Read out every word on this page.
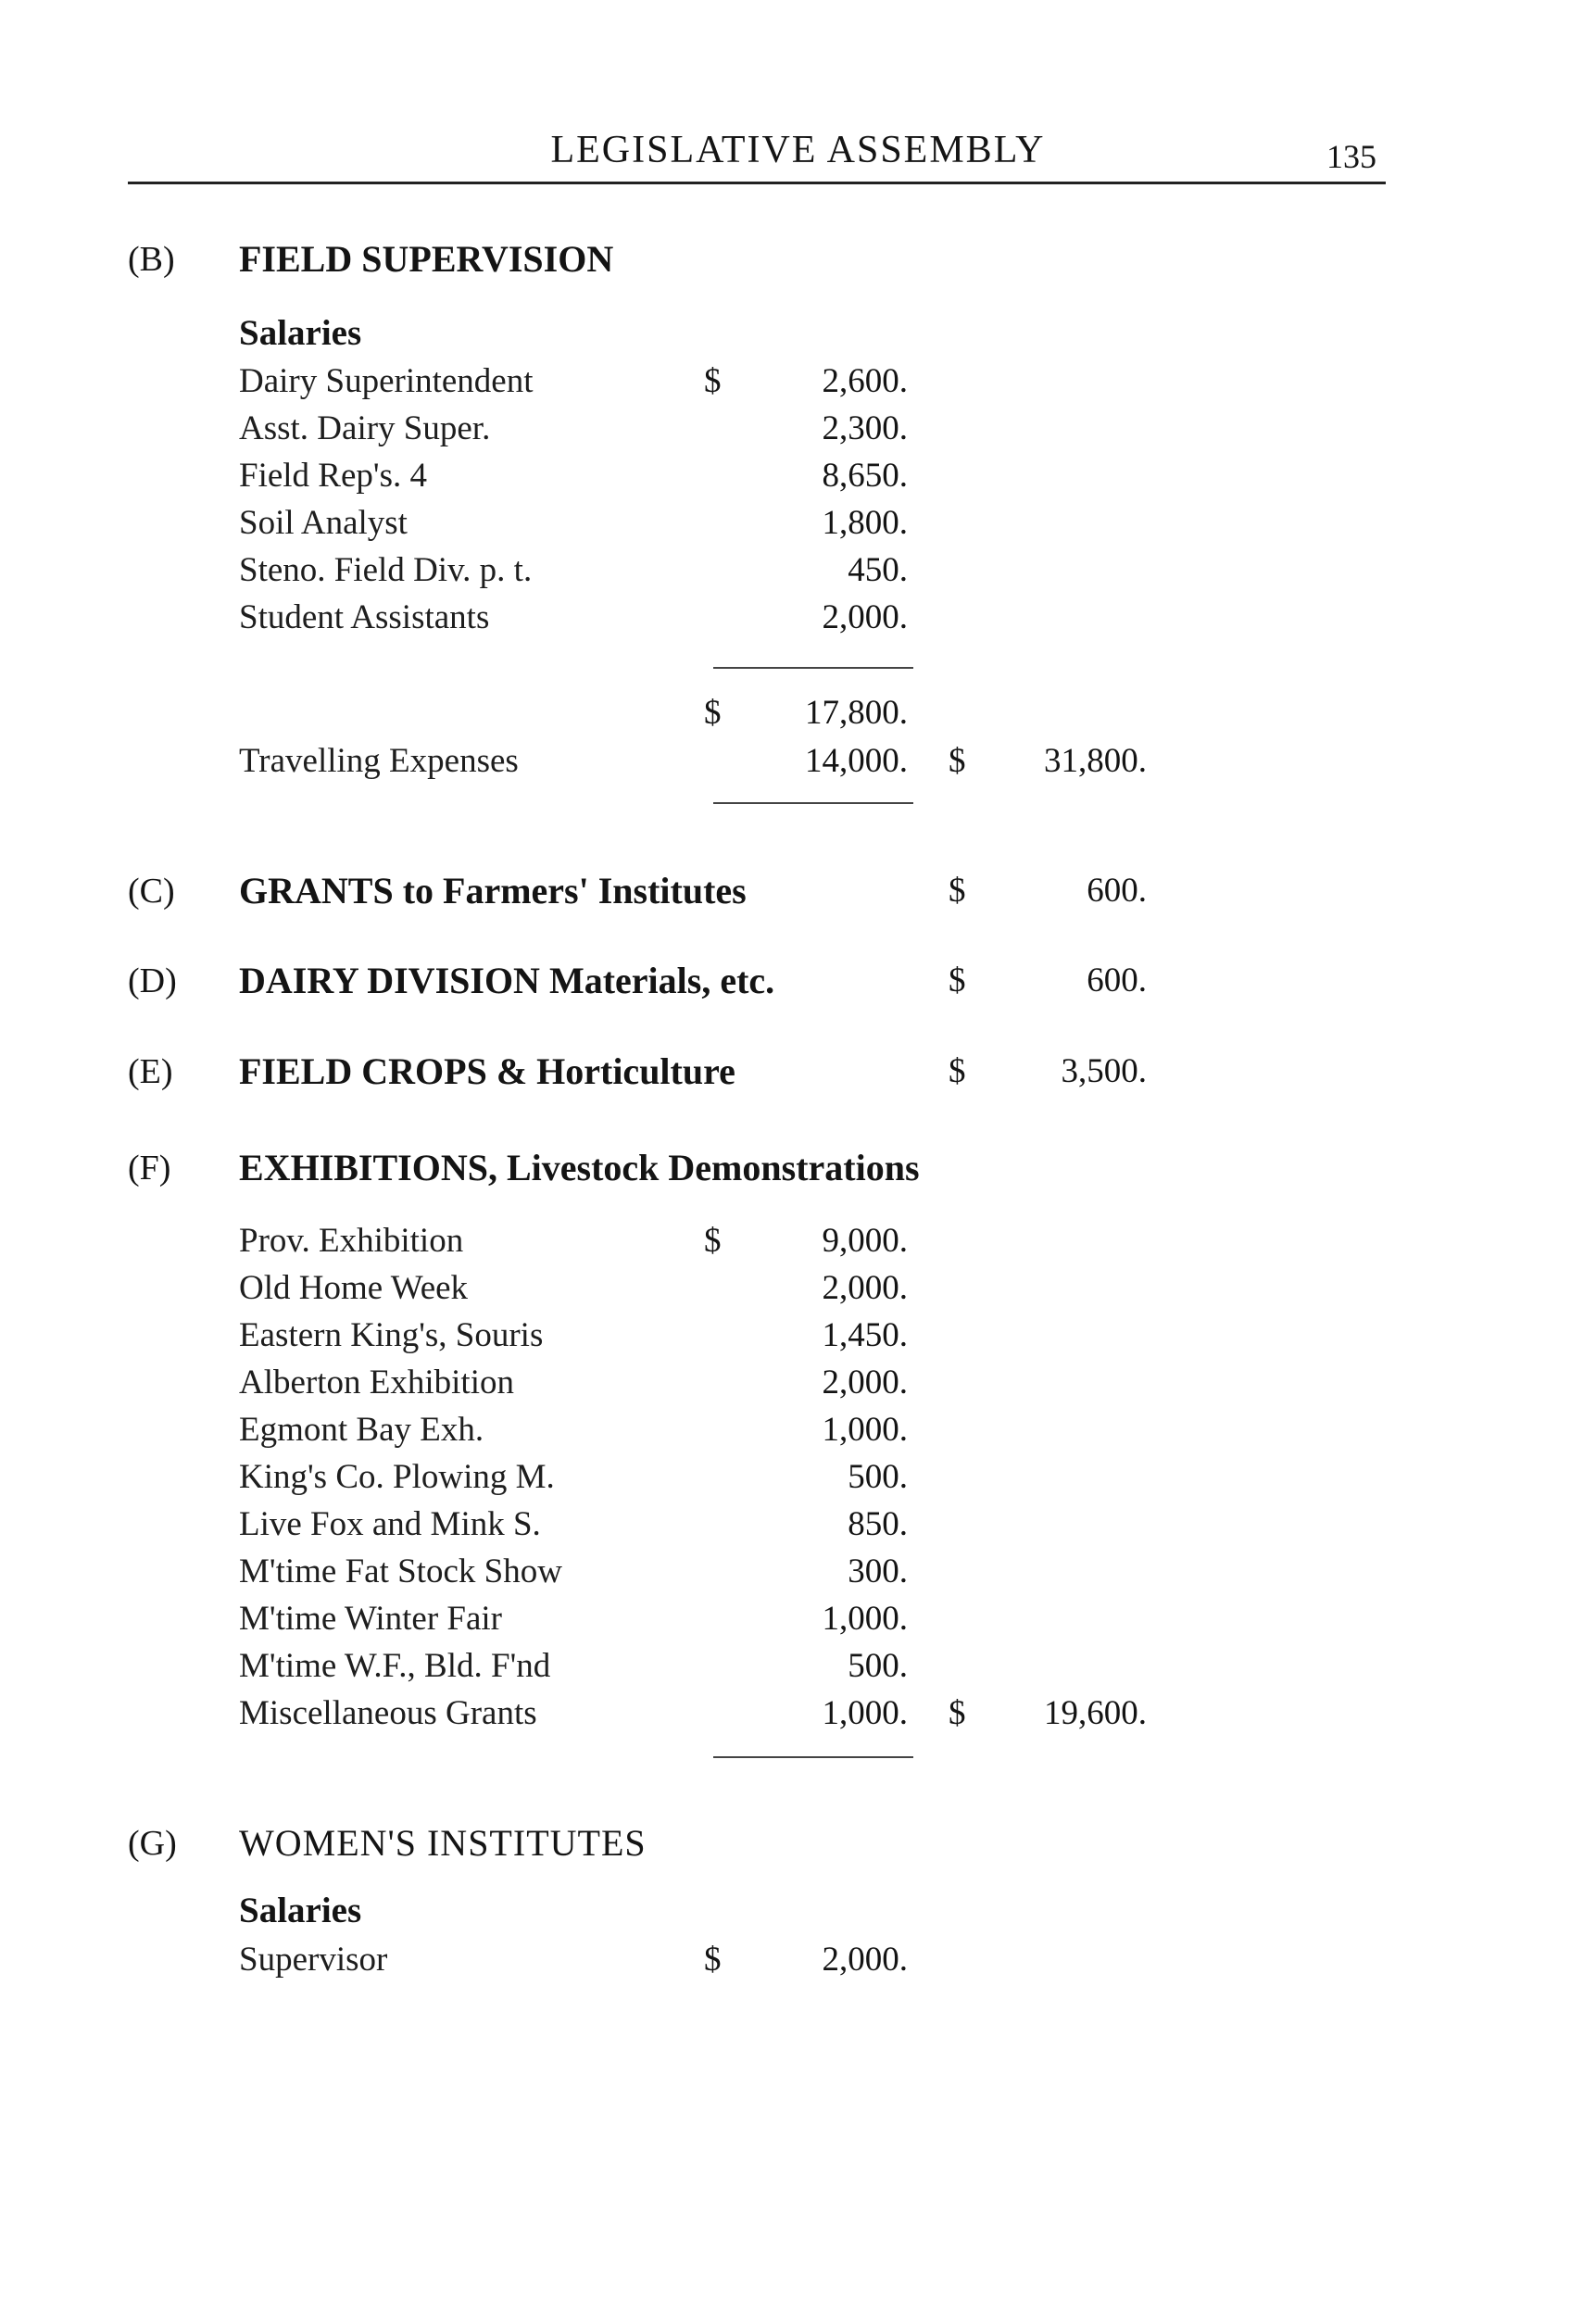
LEGISLATIVE ASSEMBLY	135
(B) FIELD SUPERVISION
Salaries
Dairy Superintendent	$	2,600.
Asst. Dairy Super.	2,300.
Field Rep's. 4	8,650.
Soil Analyst	1,800.
Steno. Field Div. p. t.	450.
Student Assistants	2,000.
$	17,800.
Travelling Expenses	14,000. $	31,800.
(C) GRANTS to Farmers' Institutes	$	600.
(D) DAIRY DIVISION Materials, etc.	$	600.
(E) FIELD CROPS & Horticulture	$	3,500.
(F) EXHIBITIONS, Livestock Demonstrations
Prov. Exhibition	$	9,000.
Old Home Week	2,000.
Eastern King's, Souris	1,450.
Alberton Exhibition	2,000.
Egmont Bay Exh.	1,000.
King's Co. Plowing M.	500.
Live Fox and Mink S.	850.
M'time Fat Stock Show	300.
M'time Winter Fair	1,000.
M'time W.F., Bld. F'nd	500.
Miscellaneous Grants	1,000. $	19,600.
(G) WOMEN'S INSTITUTES
Salaries
Supervisor	$	2,000.
